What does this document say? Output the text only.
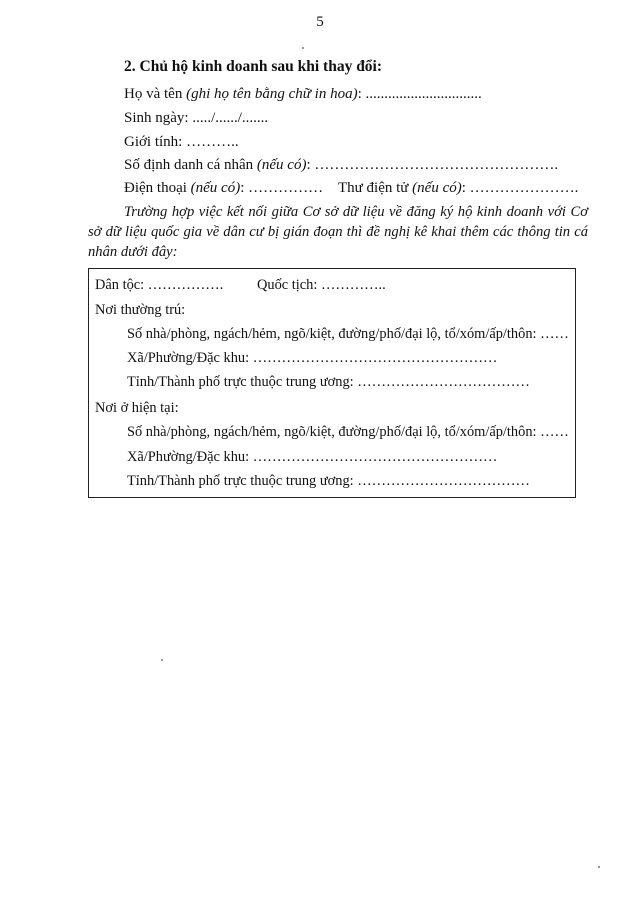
5
2. Chủ hộ kinh doanh sau khi thay đổi:
Họ và tên (ghi họ tên bằng chữ in hoa): ...............................
Sinh ngày: ...../....../.......
Giới tính: ………..
Số định danh cá nhân (nếu có): ………………………………………….
Điện thoại (nếu có): …………… Thư điện tử (nếu có): ………………….
Trường hợp việc kết nối giữa Cơ sở dữ liệu về đăng ký hộ kinh doanh với Cơ sở dữ liệu quốc gia về dân cư bị gián đoạn thì đề nghị kê khai thêm các thông tin cá nhân dưới đây:
Dân tộc: ……………. Quốc tịch: …………..
Nơi thường trú:
Số nhà/phòng, ngách/hẻm, ngõ/kiệt, đường/phố/đại lộ, tổ/xóm/ấp/thôn: ……
Xã/Phường/Đặc khu: ……………………………………………
Tỉnh/Thành phố trực thuộc trung ương: ………………………………
Nơi ở hiện tại:
Số nhà/phòng, ngách/hẻm, ngõ/kiệt, đường/phố/đại lộ, tổ/xóm/ấp/thôn: ……
Xã/Phường/Đặc khu: ……………………………………………
Tỉnh/Thành phố trực thuộc trung ương: ………………………………
